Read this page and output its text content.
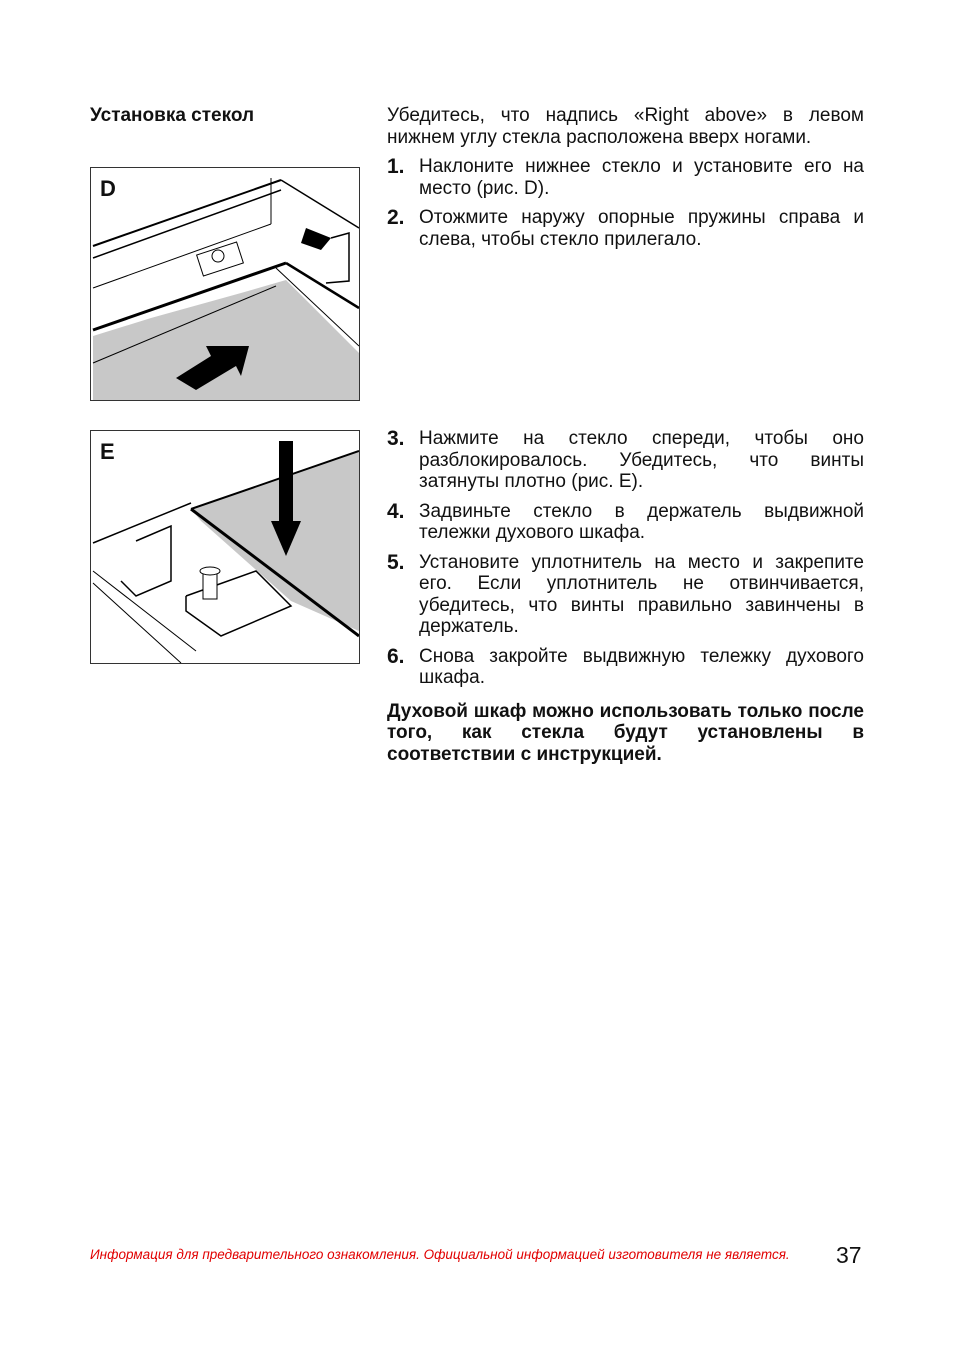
Установка стекол
D
E
Убедитесь, что надпись «Right above» в левом нижнем углу стекла расположена вверх ногами.
1. Наклоните нижнее стекло и установите его на место (рис. D).
2. Отожмите наружу опорные пружины справа и слева, чтобы стекло прилегало.
3. Нажмите на стекло спереди, чтобы оно разблокировалось. Убедитесь, что винты затянуты плотно (рис. E).
4. Задвиньте стекло в держатель выдвижной тележки духового шкафа.
5. Установите уплотнитель на место и закрепите его. Если уплотнитель не отвинчивается, убедитесь, что винты правильно завинчены в держатель.
6. Снова закройте выдвижную тележку духового шкафа.
Духовой шкаф можно использовать только после того, как стекла будут установлены в соответствии с инструкцией.
Информация для предварительного ознакомления. Официальной информацией изготовителя не является. 37
